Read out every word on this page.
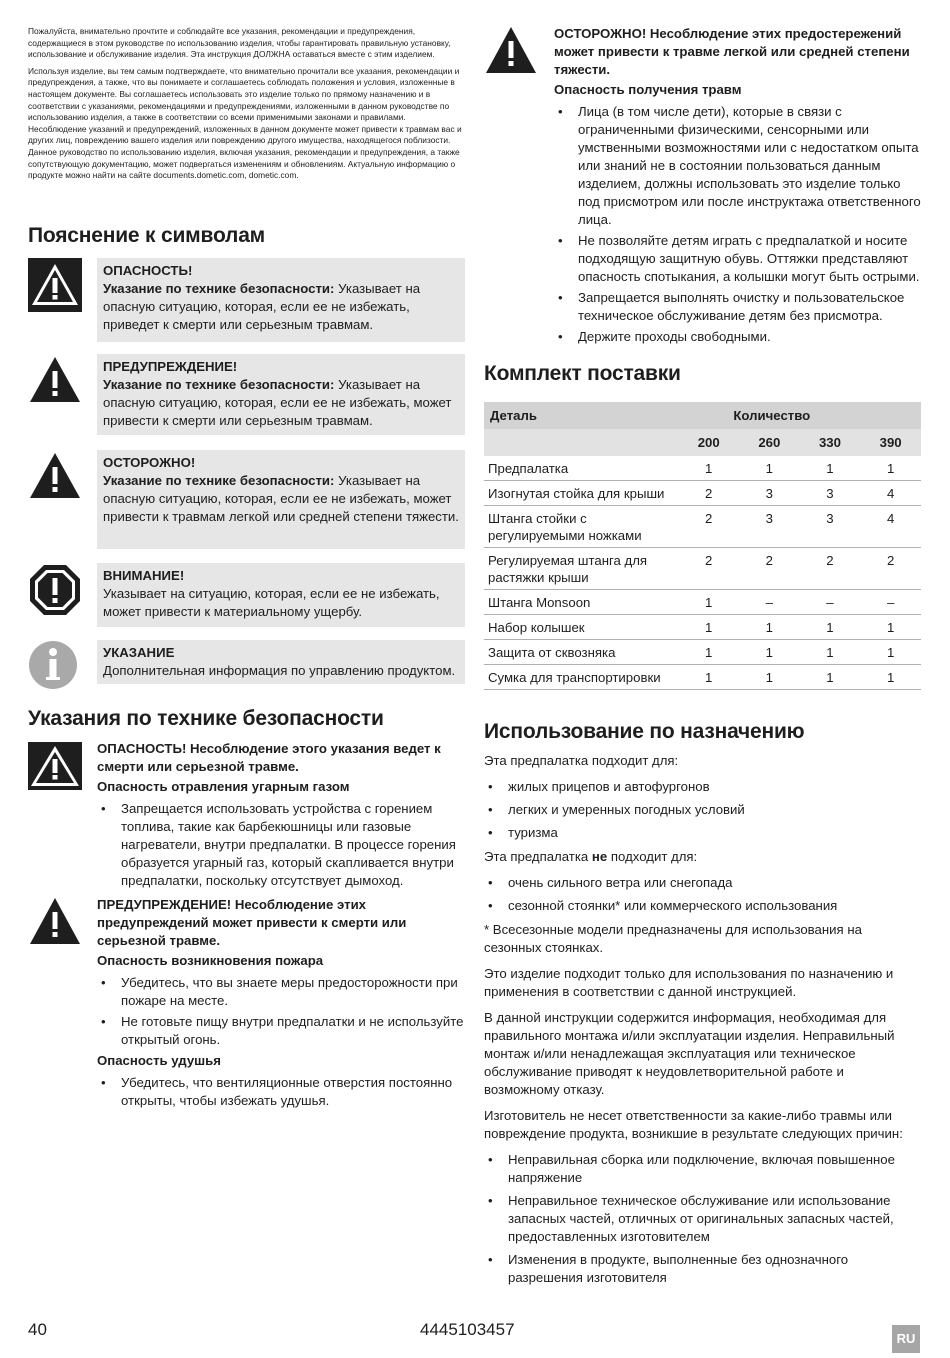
Пожалуйста, внимательно прочтите и соблюдайте все указания, рекомендации и предупреждения, содержащиеся в этом руководстве по использованию изделия, чтобы гарантировать правильную установку, использование и обслуживание изделия. Эта инструкция ДОЛЖНА оставаться вместе с этим изделием.

Используя изделие, вы тем самым подтверждаете, что внимательно прочитали все указания, рекомендации и предупреждения, а также, что вы понимаете и соглашаетесь соблюдать положения и условия, изложенные в настоящем документе. Вы соглашаетесь использовать это изделие только по прямому назначению и в соответствии с указаниями, рекомендациями и предупреждениями, изложенными в данном руководстве по использованию изделия, а также в соответствии со всеми применимыми законами и правилами. Несоблюдение указаний и предупреждений, изложенных в данном документе может привести к травмам вас и других лиц, повреждению вашего изделия или повреждению другого имущества, находящегося поблизости. Данное руководство по использованию изделия, включая указания, рекомендации и предупреждения, а также сопутствующую документацию, может подвергаться изменениям и обновлениям. Актуальную информацию о продукте можно найти на сайте documents.dometic.com, dometic.com.

Пояснение к символам
ОПАСНОСТЬ!
Указание по технике безопасности: Указывает на опасную ситуацию, которая, если ее не избежать, приведет к смерти или серьезным травмам.
ПРЕДУПРЕЖДЕНИЕ!
Указание по технике безопасности: Указывает на опасную ситуацию, которая, если ее не избежать, может привести к смерти или серьезным травмам.
ОСТОРОЖНО!
Указание по технике безопасности: Указывает на опасную ситуацию, которая, если ее не избежать, может привести к травмам легкой или средней степени тяжести.
ВНИМАНИЕ!
Указывает на ситуацию, которая, если ее не избежать, может привести к материальному ущербу.
УКАЗАНИЕ
Дополнительная информация по управлению продуктом.
Указания по технике безопасности
ОПАСНОСТЬ! Несоблюдение этого указания ведет к смерти или серьезной травме.
Опасность отравления угарным газом
• Запрещается использовать устройства с горением топлива, такие как барбекюшницы или газовые нагреватели, внутри предпалатки. В процессе горения образуется угарный газ, который скапливается внутри предпалатки, поскольку отсутствует дымоход.
ПРЕДУПРЕЖДЕНИЕ! Несоблюдение этих предупреждений может привести к смерти или серьезной травме.
Опасность возникновения пожара
• Убедитесь, что вы знаете меры предосторожности при пожаре на месте.
• Не готовьте пищу внутри предпалатки и не используйте открытый огонь.
Опасность удушья
• Убедитесь, что вентиляционные отверстия постоянно открыты, чтобы избежать удушья.
ОСТОРОЖНО! Несоблюдение этих предостережений может привести к травме легкой или средней степени тяжести.
Опасность получения травм
• Лица (в том числе дети), которые в связи с ограниченными физическими, сенсорными или умственными возможностями или с недостатком опыта или знаний не в состоянии пользоваться данным изделием, должны использовать это изделие только под присмотром или после инструктажа ответственного лица.
• Не позволяйте детям играть с предпалаткой и носите подходящую защитную обувь. Оттяжки представляют опасность спотыкания, а колышки могут быть острыми.
• Запрещается выполнять очистку и пользовательское техническое обслуживание детям без присмотра.
• Держите проходы свободными.
Комплект поставки
Деталь	Количество			
	200	260	330	390
Предпалатка	1	1	1	1
Изогнутая стойка для крыши	2	3	3	4
Штанга стойки с регулируемыми ножками	2	3	3	4
Регулируемая штанга для растяжки крыши	2	2	2	2
Штанга Monsoon	1	–	–	–
Набор колышек	1	1	1	1
Защита от сквозняка	1	1	1	1
Сумка для транспортировки	1	1	1	1
Использование по назначению

Эта предпалатка подходит для:

• жилых прицепов и автофургонов
• легких и умеренных погодных условий
• туризма

Эта предпалатка не подходит для:

• очень сильного ветра или снегопада
• сезонной стоянки* или коммерческого использования

* Всесезонные модели предназначены для использования на сезонных стоянках.

Это изделие подходит только для использования по назначению и применения в соответствии с данной инструкцией.

В данной инструкции содержится информация, необходимая для правильного монтажа и/или эксплуатации изделия. Неправильный монтаж и/или ненадлежащая эксплуатация или техническое обслуживание приводят к неудовлетворительной работе и возможному отказу.

Изготовитель не несет ответственности за какие-либо травмы или повреждение продукта, возникшие в результате следующих причин:

• Неправильная сборка или подключение, включая повышенное напряжение
• Неправильное техническое обслуживание или использование запасных частей, отличных от оригинальных запасных частей, предоставленных изготовителем
• Изменения в продукте, выполненные без однозначного разрешения изготовителя
40	4445103457	RU
